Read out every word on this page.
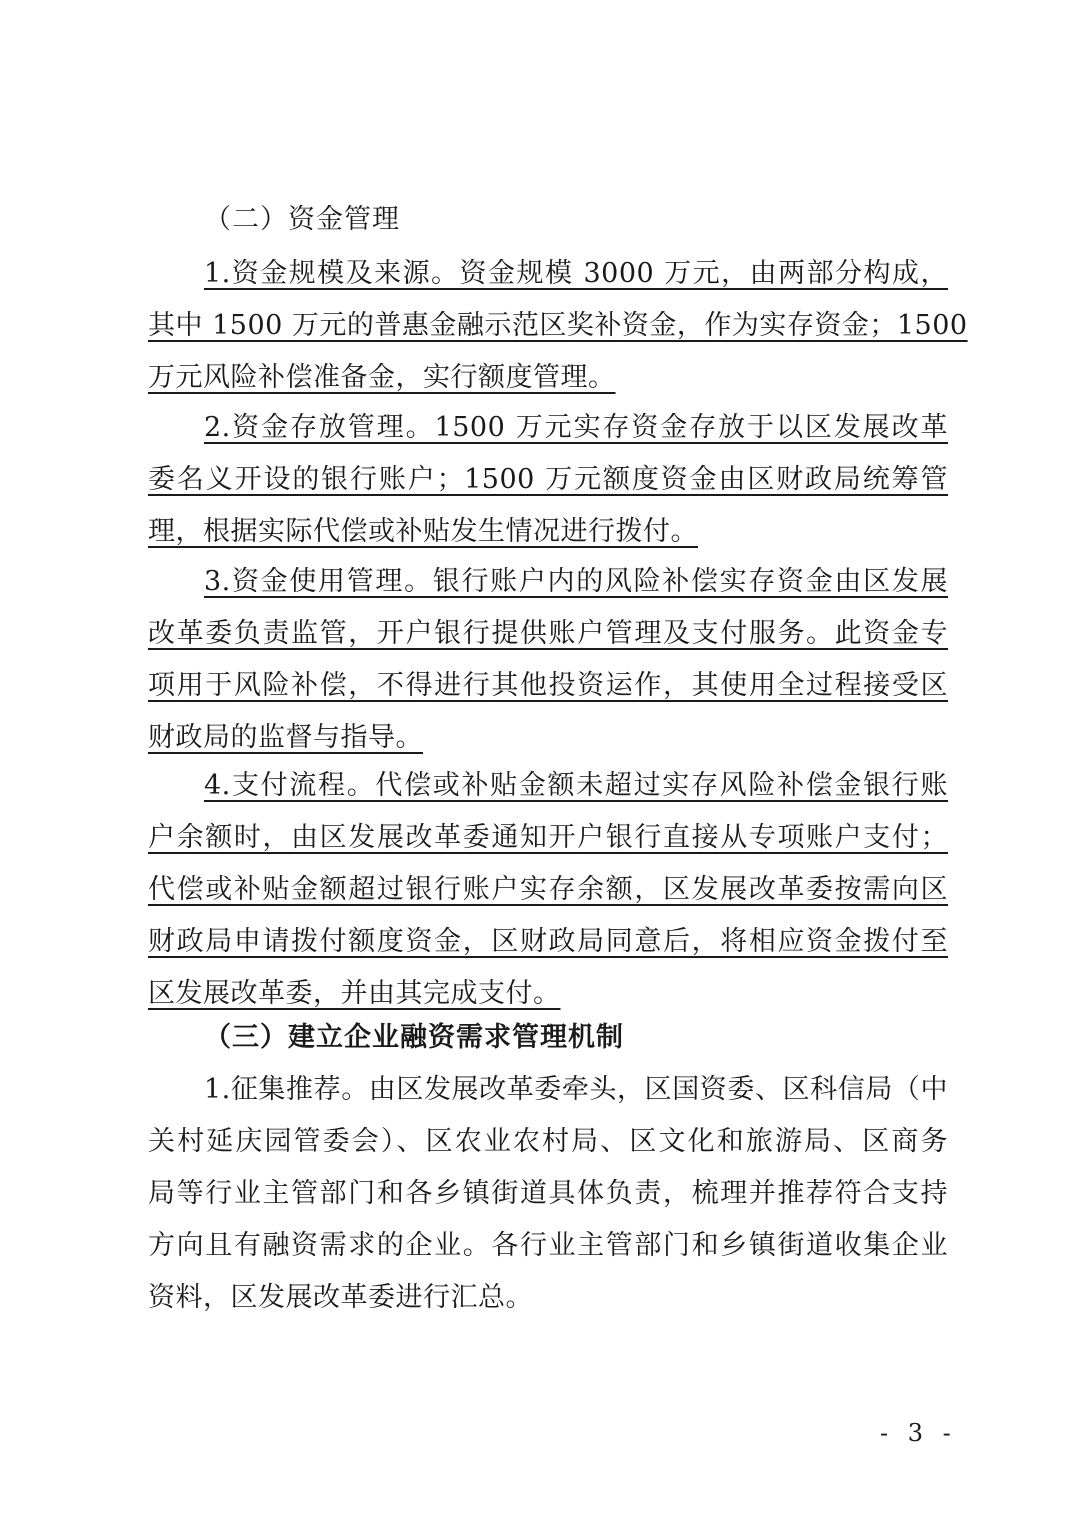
（二）资金管理
1.资金规模及来源。资金规模 3000 万元，由两部分构成，
其中 1500 万元的普惠金融示范区奖补资金，作为实存资金；1500
万元风险补偿准备金，实行额度管理。
2.资金存放管理。1500 万元实存资金存放于以区发展改革
委名义开设的银行账户；1500 万元额度资金由区财政局统筹管
理，根据实际代偿或补贴发生情况进行拨付。
3.资金使用管理。银行账户内的风险补偿实存资金由区发展
改革委负责监管，开户银行提供账户管理及支付服务。此资金专
项用于风险补偿，不得进行其他投资运作，其使用全过程接受区
财政局的监督与指导。
4.支付流程。代偿或补贴金额未超过实存风险补偿金银行账
户余额时，由区发展改革委通知开户银行直接从专项账户支付；
代偿或补贴金额超过银行账户实存余额，区发展改革委按需向区
财政局申请拨付额度资金，区财政局同意后，将相应资金拨付至
区发展改革委，并由其完成支付。
（三）建立企业融资需求管理机制
1.征集推荐。由区发展改革委牵头，区国资委、区科信局（中
关村延庆园管委会）、区农业农村局、区文化和旅游局、区商务
局等行业主管部门和各乡镇街道具体负责，梳理并推荐符合支持
方向且有融资需求的企业。各行业主管部门和乡镇街道收集企业
资料，区发展改革委进行汇总。
- 3 -
